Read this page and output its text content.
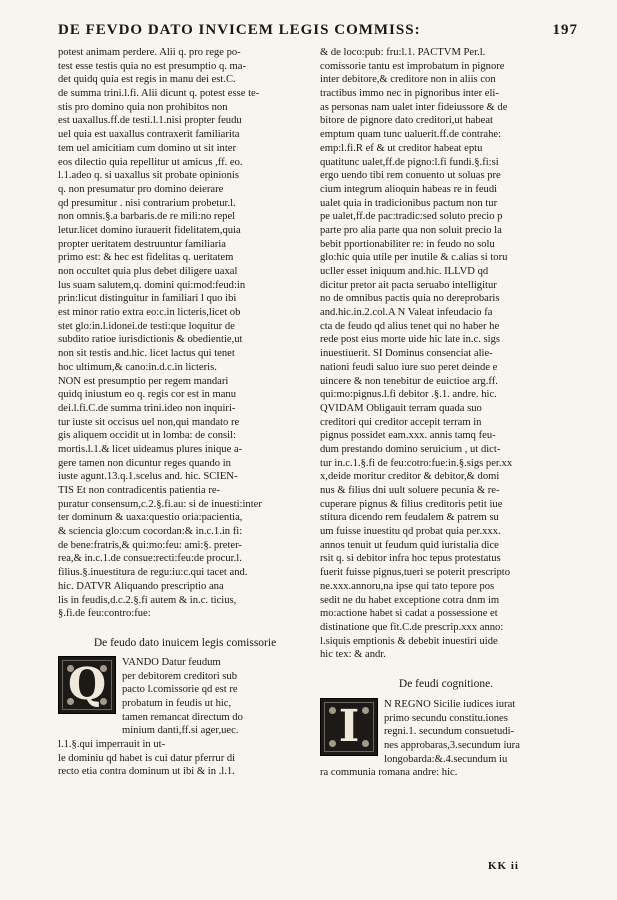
DE FEVDO DATO INVICEM LEGIS COMMISS:	197
potest animam perdere. Alii q. pro rege po-
test esse testis quia no est presumptio q. ma-
det quidq quia est regis in manu dei est.C.
de summa trini.l.fi. Alii dicunt q. potest esse te-
stis pro domino quia non prohibitos non
est uaxallus.ff.de testi.l.1.nisi propter feudu
uel quia est uaxallus contraxerit familiarita
tem uel amicitiam cum domino ut sit inter
eos dilectio quia repellitur ut amicus ,ff. eo.
l.1.adeo q. si uaxallus sit probate opinionis
q. non presumatur pro domino deierare
qd presumitur . nisi contrarium probetur.l.
non omnis.§.a barbaris.de re mili:no repel
letur.licet domino iurauerit fidelitatem,quia
propter ueritatem destruuntur familiaria
primo est: & hec est fidelitas q. ueritatem
non occultet quia plus debet diligere uaxal
lus suam salutem,q. domini qui:mod:feud:in
prin:licut distinguitur in familiari l quo ibi
est minor ratio extra eo:c.in licteris,licet ob
stet glo:in.l.idonei.de testi:que loquitur de
subdito ratioe iurisdictionis & obedientie,ut
non sit testis and.hic. licet lactus qui tenet
hoc ultimum,& cano:in.d.c.in licteris.
NON est presumptio per regem mandari
quidq iniustum eo q. regis cor est in manu
dei.l.fi.C.de summa trini.ideo non inquiri-
tur iuste sit occisus uel non,qui mandato re
gis aliquem occidit ut in lomba: de consil:
mortis.l.1.& licet uideamus plures inique a-
gere tamen non dicuntur reges quando in
iuste agunt.13.q.1.scelus and. hic. SCIEN-
TIS Et non contradicentis patientia re-
puratur consensum,c.2.§.fi.au: si de inuesti:inter
ter dominum & uaxa:questio oria:pacientia,
& sciencia glo:cum cocordan:& in.c.1.in fi:
de bene:fratris,& qui:mo:feu: ami:§. preter-
rea,& in.c.1.de consue:recti:feu:de procur.l.
filius.§.inuestitura de regu:iu:c.qui tacet and.
hic. DATVR Aliquando prescriptio ana
lis in feudis,d.c.2.§.fi autem & in.c. ticius,
§.fi.de feu:contro:fue:
De feudo dato inuicem legis comissorie
Q	VANDO Datur feudum
per debitorem creditori sub
pacto l.comissorie qd est re
probatum in feudis ut hic,
tamen remancat directum do
minium danti,ff.si ager,uec.
l.1.§.qui imperrauit in ut-
le dominiu qd habet is cui datur pferrur di
recto etia contra dominum ut ibi & in .l.1.
& de loco:pub: fru:l.1. PACTVM Per.l.
comissorie tantu est improbatum in pignore
inter debitore,& creditore non in aliis con
tractibus immo nec in pignoribus inter eli-
as personas nam ualet inter fideiussore & de
bitore de pignore dato creditori,ut habeat
emptum quam tunc ualuerit.ff.de contrahe:
emp:l.fi.R ef & ut creditor habeat eptu
quatitunc ualet,ff.de pigno:l.fi fundi.§.fi:si
ergo uendo tibi rem conuento ut soluas pre
cium integrum alioquin habeas re in feudi
ualet quia in tradicionibus pactum non tur
pe ualet,ff.de pac:tradic:sed soluto precio p
parte pro alia parte qua non soluit precio la
bebit pportionabiliter re: in feudo no solu
glo:hic quia utile per inutile & c.alias si toru
ucller esset iniquum and.hic. ILLVD qd
dicitur pretor ait pacta seruabo intelligitur
no de omnibus pactis quia no dereprobaris
and.hic.in.2.col.A N Valeat infeudacio fa
cta de feudo qd alius tenet qui no haber he
rede post eius morte uide hic late in.c. sigs
inuestiuerit. SI Dominus consenciat alie-
nationi feudi saluo iure suo peret deinde e
uincere & non tenebitur de euictioe arg.ff.
qui:mo:pignus.l.fi debitor .§.1. andre. hic.
QVIDAM Obligauit terram quada suo
creditori qui creditor accepit terram in
pignus possidet eam.xxx. annis tamq feu-
dum prestando domino seruicium , ut dict-
tur in.c.1.§.fi de feu:cotro:fue:in.§.sigs per.xx
x,deide moritur creditor & debitor,& domi
nus & filius dni uult soluere pecunia & re-
cuperare pignus & filius creditoris petit iue
stitura dicendo rem feudalem & patrem su
um fuisse inuestitu qd probat quia per.xxx.
annos tenuit ut feudum quid iuristalia dice
rsit q. si debitor infra hoc tepus protestatus
fuerit fuisse pignus,tueri se poterit prescripto
ne.xxx.annoru,na ipse qui tato tepore pos
sedit ne du habet exceptione cotra dnm im
mo:actione habet si cadat a possessione et
distinatione que fit.C.de prescrip.xxx anno:
l.siquis emptionis & debebit inuestiri uide
hic tex: & andr.
De feudi cognitione.
I	N REGNO Sicilie iudices iurat
primo secundu constitu.iones
regni.1. secundum consuetudi-
nes approbaras,3.secundum iura
longobarda:&.4.secundum iu
ra communia romana andre: hic.
KK ii
